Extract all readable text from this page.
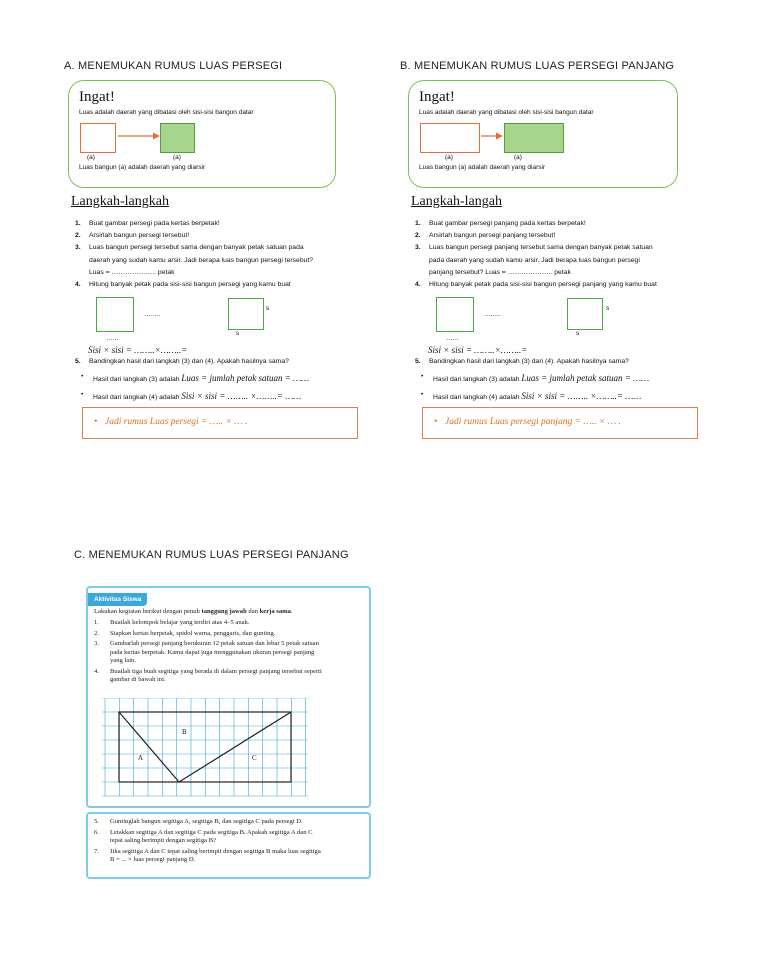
A. MENEMUKAN RUMUS LUAS PERSEGI
Ingat!
Luas adalah daerah yang dibatasi oleh sisi-sisi bangun datar
(a)	(a)
Luas bangun (a) adalah daerah yang diarsir
Langkah-langkah
1. Buat gambar persegi pada kertas berpetak!
2. Arsirlah bangun persegi tersebut!
3. Luas bangun persegi tersebut sama dengan banyak petak satuan pada
daerah yang sudah kamu arsir. Jadi berapa luas bangun persegi tersebut?
Luas = ……………….. petak
4. Hitung banyak petak pada sisi-sisi bangun persegi yang kamu buat
……..
……
s
s
Sisi × sisi = ……..×……..=
5. Bandingkan hasil dari langkah (3) dan (4). Apakah hasilnya sama?
• Hasil dari langkah (3) adalah Luas = jumlah petak satuan = ……
• Hasil dari langkah (4) adalah Sisi × sisi = …….. ×……..= ……
• Jadi rumus Luas persegi = ….. × … .
B. MENEMUKAN RUMUS LUAS PERSEGI PANJANG
Ingat!
Luas adalah daerah yang dibatasi oleh sisi-sisi bangun datar
(a)	(a)
Luas bangun (a) adalah daerah yang diarsir
Langkah-langah
1. Buat gambar persegi panjang pada kertas berpetak!
2. Arsirlah bangun persegi panjang tersebut!
3. Luas bangun persegi panjang tersebut sama dengan banyak petak satuan
pada daerah yang sudah kamu arsir. Jadi berapa luas bangun persegi
panjang tersebut? Luas = ……………….. petak
4. Hitung banyak petak pada sisi-sisi bangun persegi panjang yang kamu buat
……..
……
s
s
Sisi × sisi = ……..×……..=
5. Bandingkan hasil dari langkah (3) dan (4). Apakah hasilnya sama?
• Hasil dari langkah (3) adalah Luas = jumlah petak satuan = ……
• Hasil dari langkah (4) adalah Sisi × sisi = …….. ×……..= ……
• Jadi rumus Luas persegi panjang = ….. × … .
C. MENEMUKAN RUMUS LUAS PERSEGI PANJANG
Aktivitas Siswa
Lakukan kegiatan berikut dengan penuh tanggung jawab dan kerja sama.
1. Buatlah kelompok belajar yang terdiri atas 4–5 anak.
2. Siapkan kertas berpetak, spidol warna, penggaris, dan gunting.
3. Gambarlah persegi panjang berukuran 12 petak satuan dan lebar 5 petak satuan
pada kertas berpetak. Kamu dapat juga menggunakan ukuran persegi panjang
yang lain.
4. Buatlah tiga buah segitiga yang berada di dalam persegi panjang tersebut seperti
gambar di bawah ini.
B
A	C
5. Guntinglah bangun segitiga A, segitiga B, dan segitiga C pada persegi D.
6. Letakkan segitiga A dan segitiga C pada segitiga B. Apakah segitiga A dan C
tepat saling berimpit dengan segitiga B?
7. Jika segitiga A dan C tepat saling berimpit dengan segitiga B maka luas segitiga
B = ... × luas persegi panjang D.
